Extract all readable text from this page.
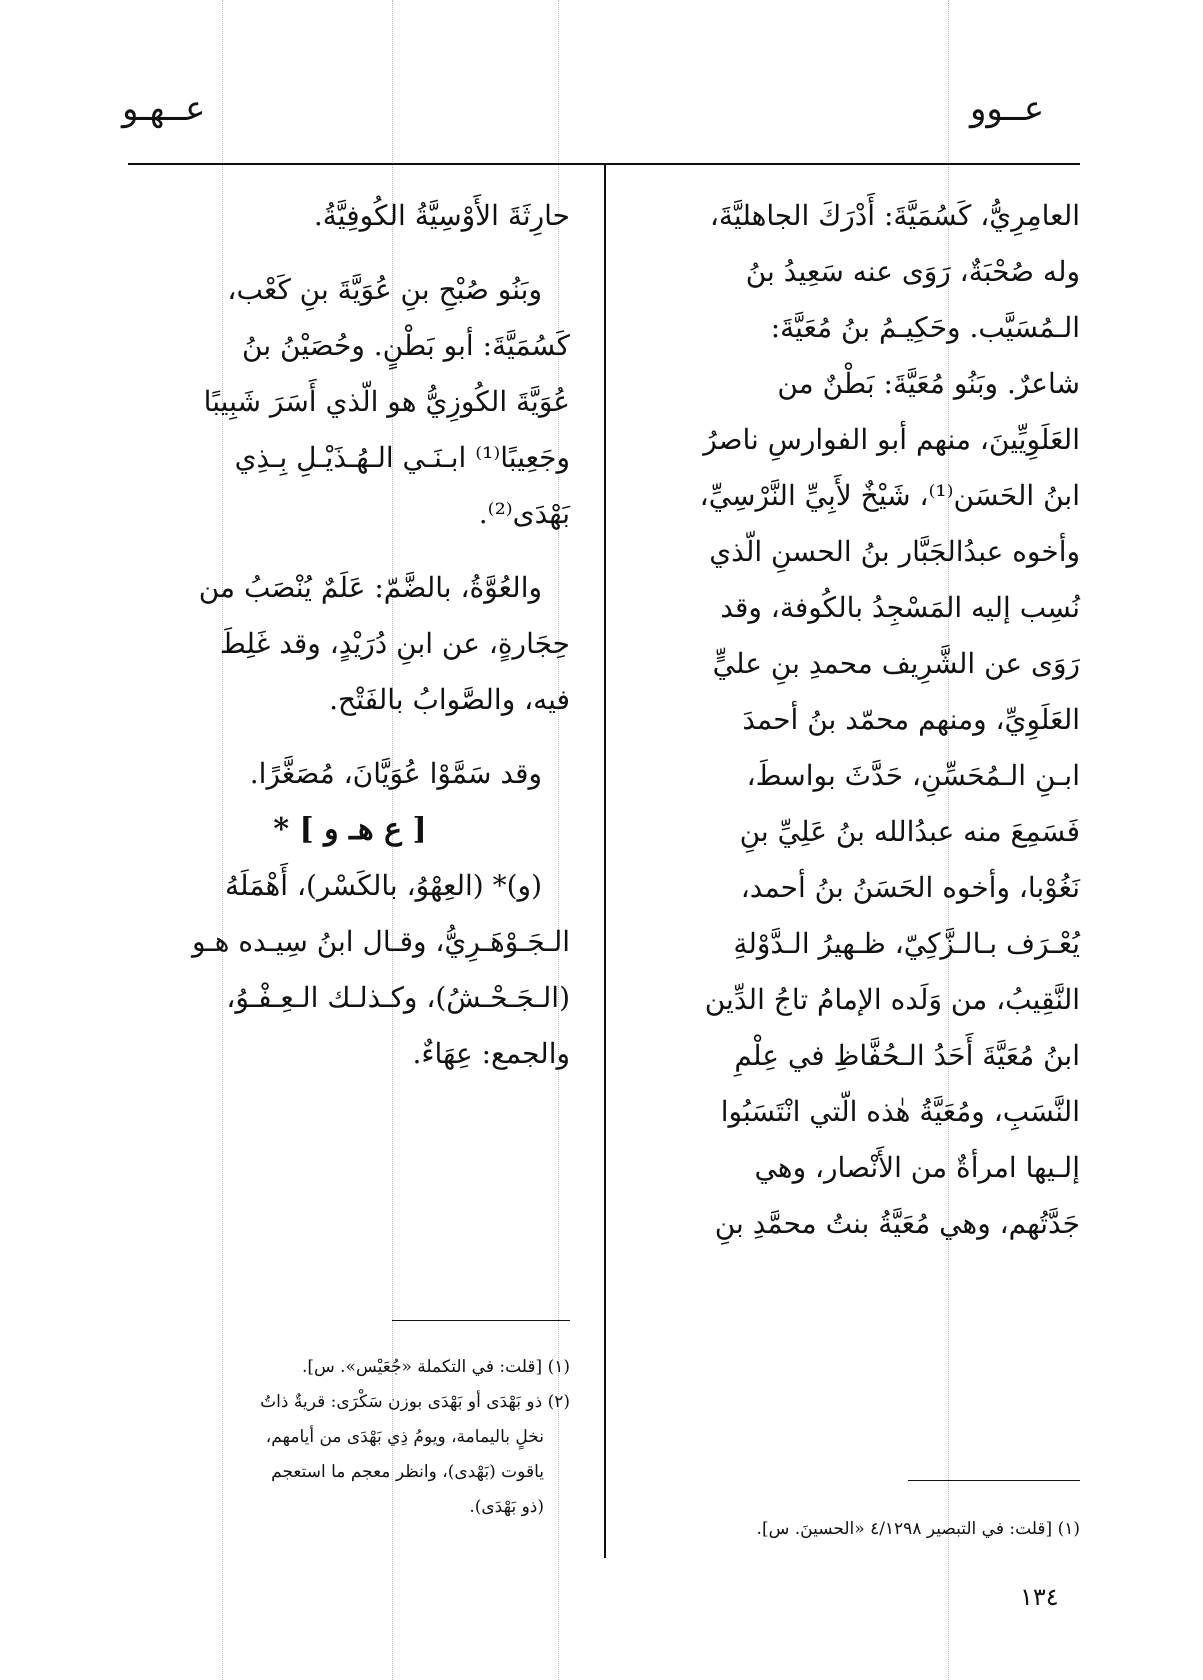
عــوو
عــهـو

العامِرِيُّ، كَسُمَيَّةَ: أَدْرَكَ الجاهليَّةَ،

وله صُحْبَةٌ، رَوَى عنه سَعِيدُ بنُ

الـمُسَيَّب. وحَكِيـمُ بنُ مُعَيَّةَ:

شاعرٌ. وبَنُو مُعَيَّةَ: بَطْنٌ من

العَلَوِيِّينَ، منهم أبو الفوارسِ ناصرُ

ابنُ الحَسَن⁽¹⁾، شَيْخٌ لأَبِيِّ النَّرْسِيِّ،

وأخوه عبدُالجَبَّار بنُ الحسنِ الّذي

نُسِب إليه المَسْجِدُ بالكُوفة، وقد

رَوَى عن الشَّرِيف محمدِ بنِ عليٍّ

العَلَوِيِّ، ومنهم محمّد بنُ أحمدَ

ابـنِ الـمُحَسِّنِ، حَدَّثَ بواسطَ،

فَسَمِعَ منه عبدُالله بنُ عَلِيِّ بنِ

نَغُوْبا، وأخوه الحَسَنُ بنُ أحمد،

يُعْـرَف بـالـزَّكِيّ، ظـهيرُ الـدَّوْلةِ

النَّقِيبُ، من وَلَده الإمامُ تاجُ الدِّين

ابنُ مُعَيَّةَ أَحَدُ الـحُفَّاظِ في عِلْمِ

النَّسَبِ، ومُعَيَّةُ هٰذه الّتي انْتَسَبُوا

إلـيها امرأةٌ من الأَنْصار، وهي

جَدَّتُهم، وهي مُعَيَّةُ بنتُ محمَّدِ بنِ

حارِثَةَ الأَوْسِيَّةُ الكُوفِيَّةُ.

وبَنُو صُبْحِ بنِ عُوَيَّةَ بنِ كَعْب،

كَسُمَيَّةَ: أبو بَطْنٍ. وحُصَيْنُ بنُ

عُوَيَّةَ الكُوزِيُّ هو الّذي أَسَرَ شَبِيبًا

وجَعِيبًا⁽¹⁾ ابـنَـي الـهُـذَيْـلِ بِـذِي

بَهْدَى⁽²⁾.

والعُوَّةُ، بالضَّمّ: عَلَمٌ يُنْصَبُ من

حِجَارةٍ، عن ابنِ دُرَيْدٍ، وقد غَلِطَ

فيه، والصَّوابُ بالفَتْح.

وقد سَمَّوْا عُوَيَّانَ، مُصَغَّرًا.

[ ع هـ و ] *

(و)* (العِهْوُ، بالكَسْر)، أَهْمَلَهُ

الـجَـوْهَـرِيُّ، وقـال ابنُ سِيـده هـو

(الـجَـحْـشُ)، وكـذلـك الـعِـفْـوُ،

والجمع: عِهَاءٌ.

(١) [قلت: في التبصير ٤/١٢٩٨ «الحسينَ. س].

(١) [قلت: في التكملة «جُعَيْس». س].

(٢) ذو بَهْدَى أو بَهْدَى بوزن سَكْرَى: قريةٌ ذاتُ

نخلٍ باليمامة، ويومُ ذِي بَهْدَى من أيامهم،

ياقوت (بَهْدى)، وانظر معجم ما استعجم

(ذو بَهْدَى).

١٣٤
